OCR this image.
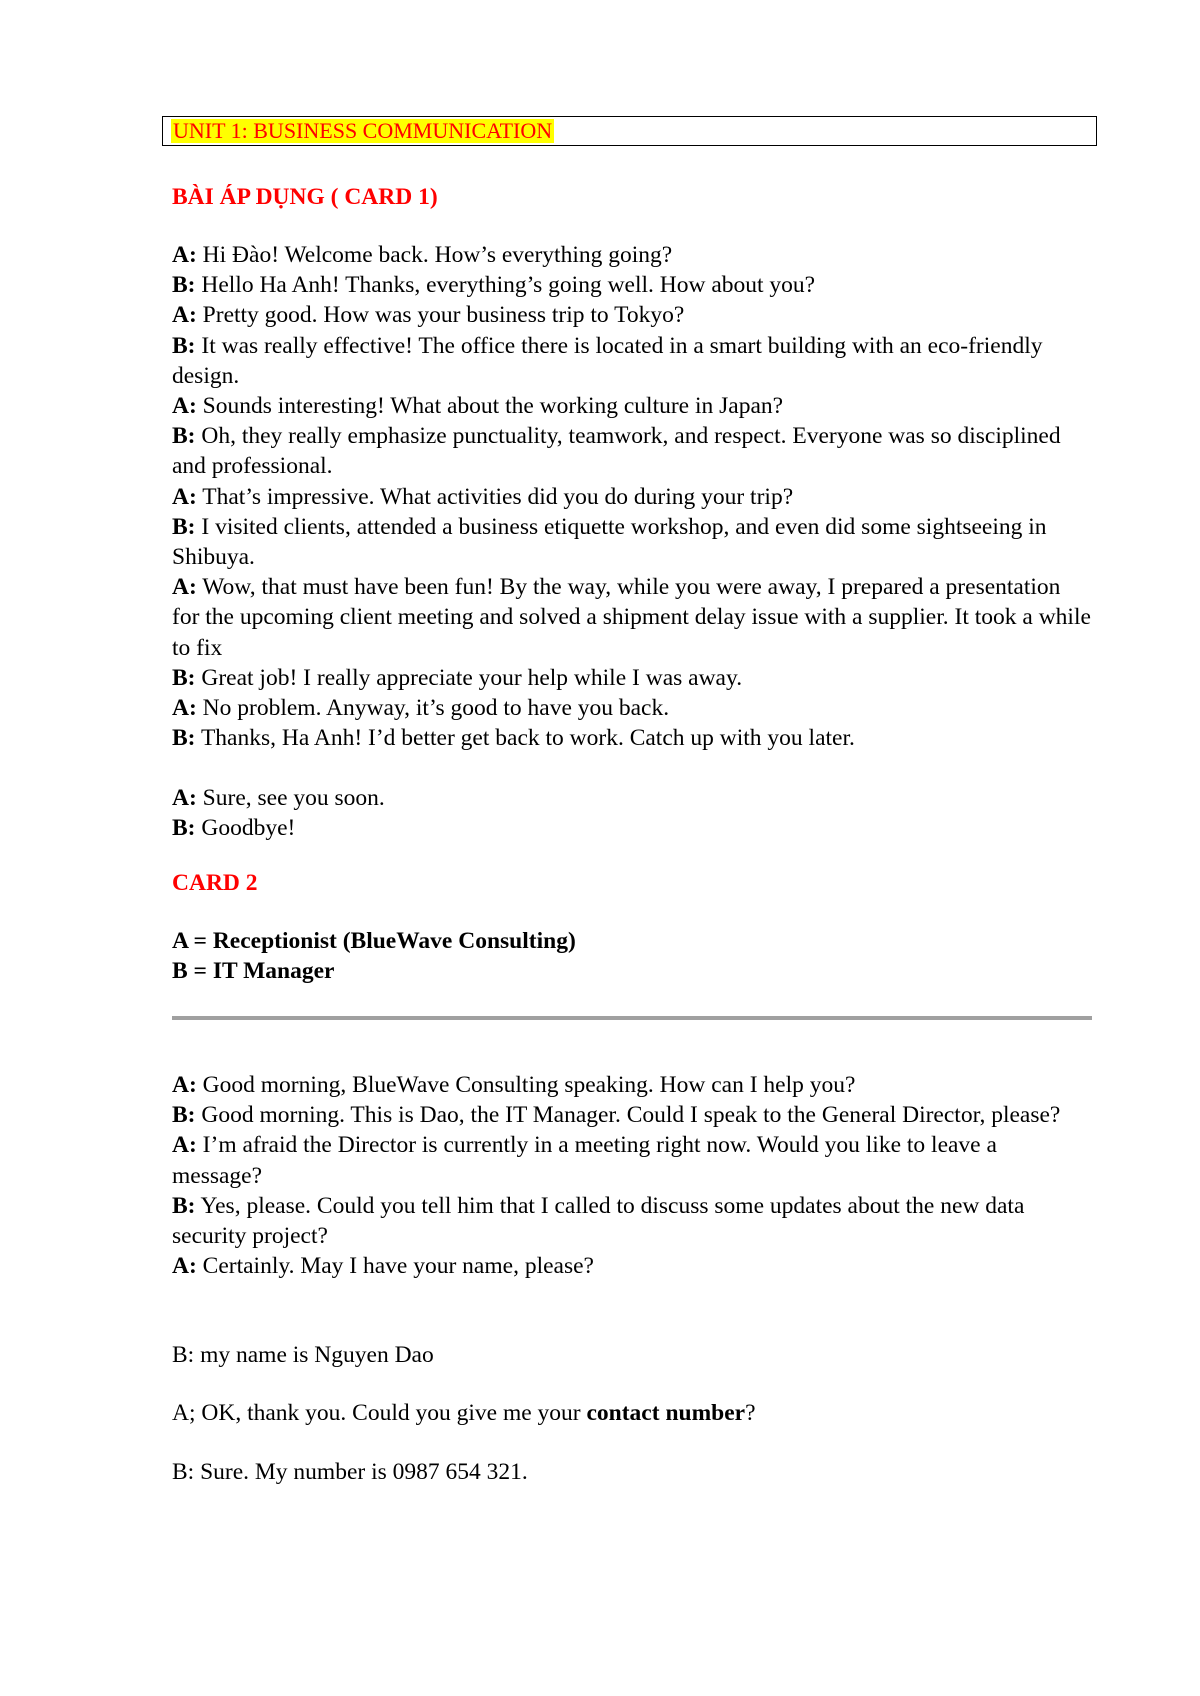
UNIT 1: BUSINESS COMMUNICATION
BÀI ÁP DỤNG ( CARD 1)

A: Hi Đào! Welcome back. How’s everything going?

B: Hello Ha Anh! Thanks, everything’s going well. How about you?

A: Pretty good. How was your business trip to Tokyo?

B: It was really effective! The office there is located in a smart building with an eco-friendly design.

A: Sounds interesting! What about the working culture in Japan?

B: Oh, they really emphasize punctuality, teamwork, and respect. Everyone was so disciplined and professional.

A: That’s impressive. What activities did you do during your trip?

B: I visited clients, attended a business etiquette workshop, and even did some sightseeing in Shibuya.

A: Wow, that must have been fun! By the way, while you were away, I prepared a presentation for the upcoming client meeting and solved a shipment delay issue with a supplier. It took a while to fix

B: Great job! I really appreciate your help while I was away.

A: No problem. Anyway, it’s good to have you back.

B: Thanks, Ha Anh! I’d better get back to work. Catch up with you later.

A: Sure, see you soon.

B: Goodbye!

CARD 2

A = Receptionist (BlueWave Consulting)

B = IT Manager

A: Good morning, BlueWave Consulting speaking. How can I help you?

B: Good morning. This is Dao, the IT Manager. Could I speak to the General Director, please?

A: I’m afraid the Director is currently in a meeting right now. Would you like to leave a message?

B: Yes, please. Could you tell him that I called to discuss some updates about the new data security project?

A: Certainly. May I have your name, please?

B: my name is Nguyen Dao
A; OK, thank you. Could you give me your contact number?
B: Sure. My number is 0987 654 321.
